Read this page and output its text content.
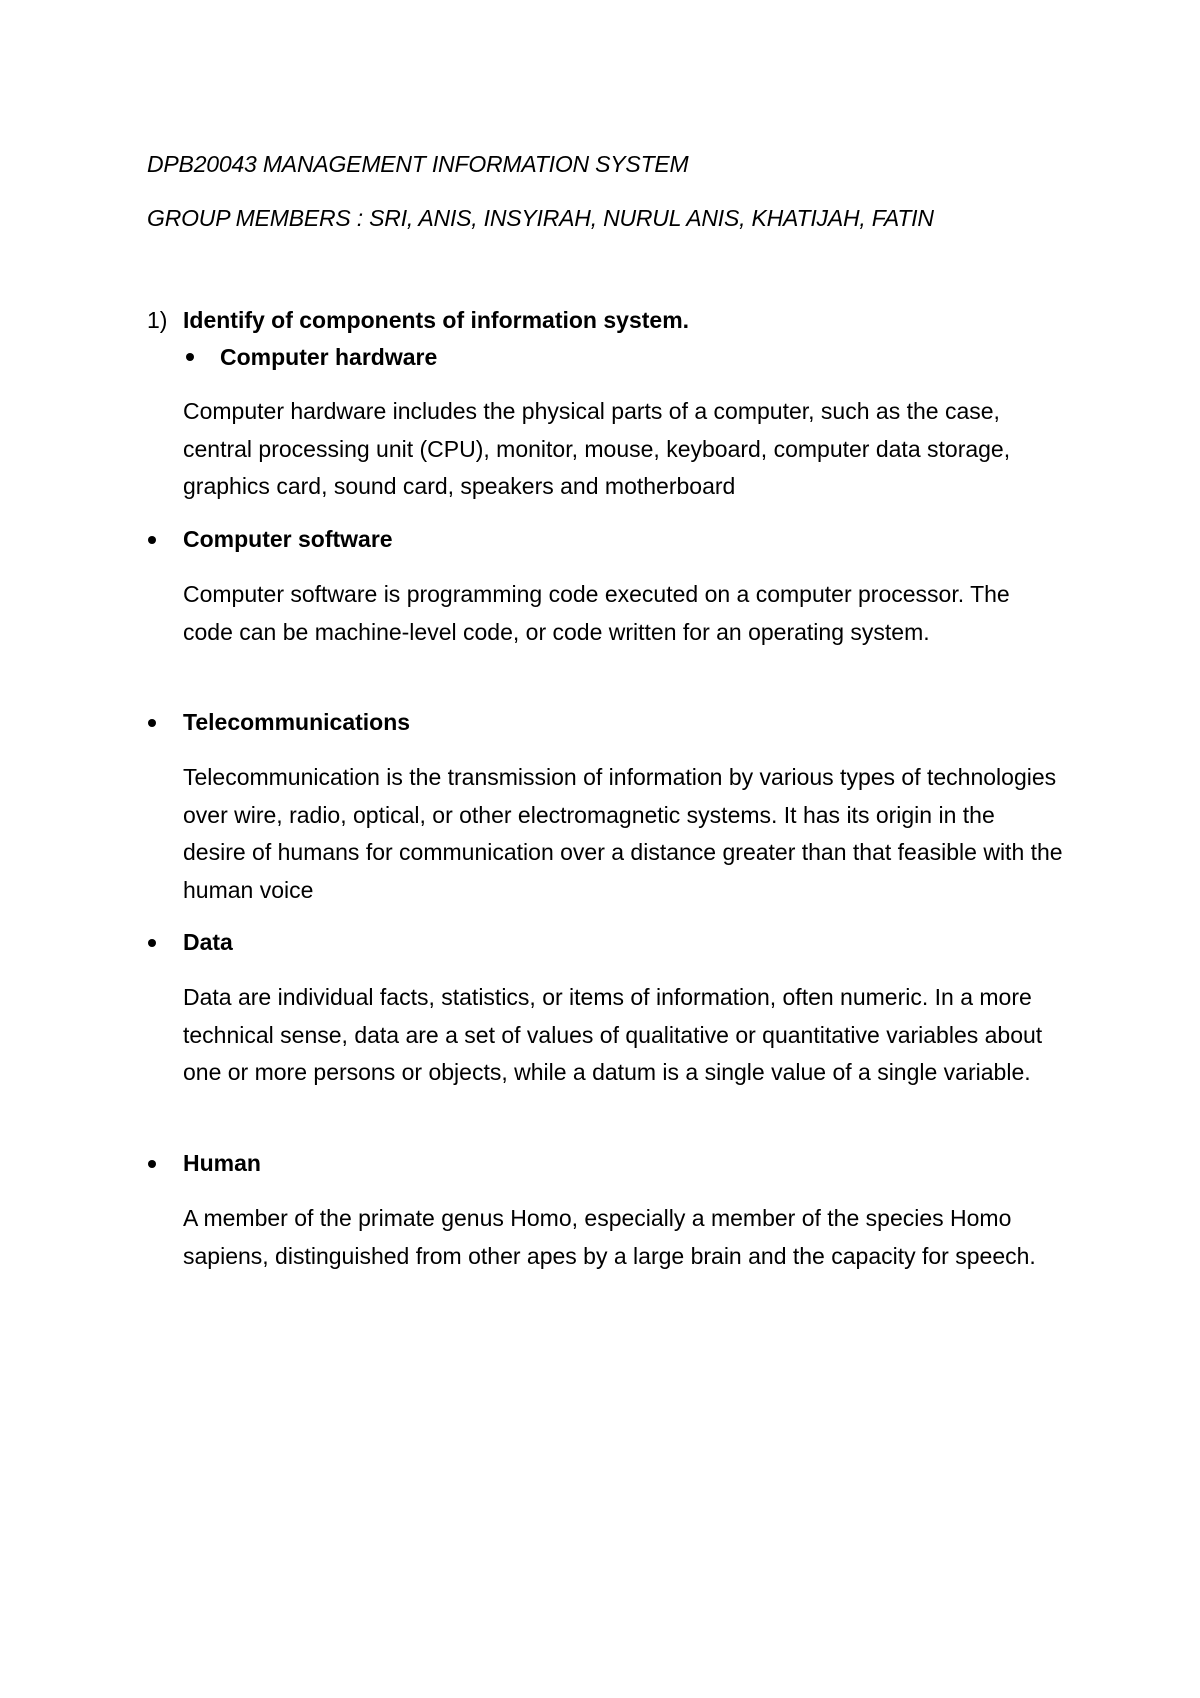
DPB20043 MANAGEMENT INFORMATION SYSTEM
GROUP MEMBERS : SRI, ANIS, INSYIRAH, NURUL ANIS, KHATIJAH, FATIN
1) Identify of components of information system.
Computer hardware

Computer hardware includes the physical parts of a computer, such as the case, central processing unit (CPU), monitor, mouse, keyboard, computer data storage, graphics card, sound card, speakers and motherboard

Computer software

Computer software is programming code executed on a computer processor. The code can be machine-level code, or code written for an operating system.

Telecommunications

Telecommunication is the transmission of information by various types of technologies over wire, radio, optical, or other electromagnetic systems. It has its origin in the desire of humans for communication over a distance greater than that feasible with the human voice

Data

Data are individual facts, statistics, or items of information, often numeric. In a more technical sense, data are a set of values of qualitative or quantitative variables about one or more persons or objects, while a datum is a single value of a single variable.

Human

A member of the primate genus Homo, especially a member of the species Homo sapiens, distinguished from other apes by a large brain and the capacity for speech.
